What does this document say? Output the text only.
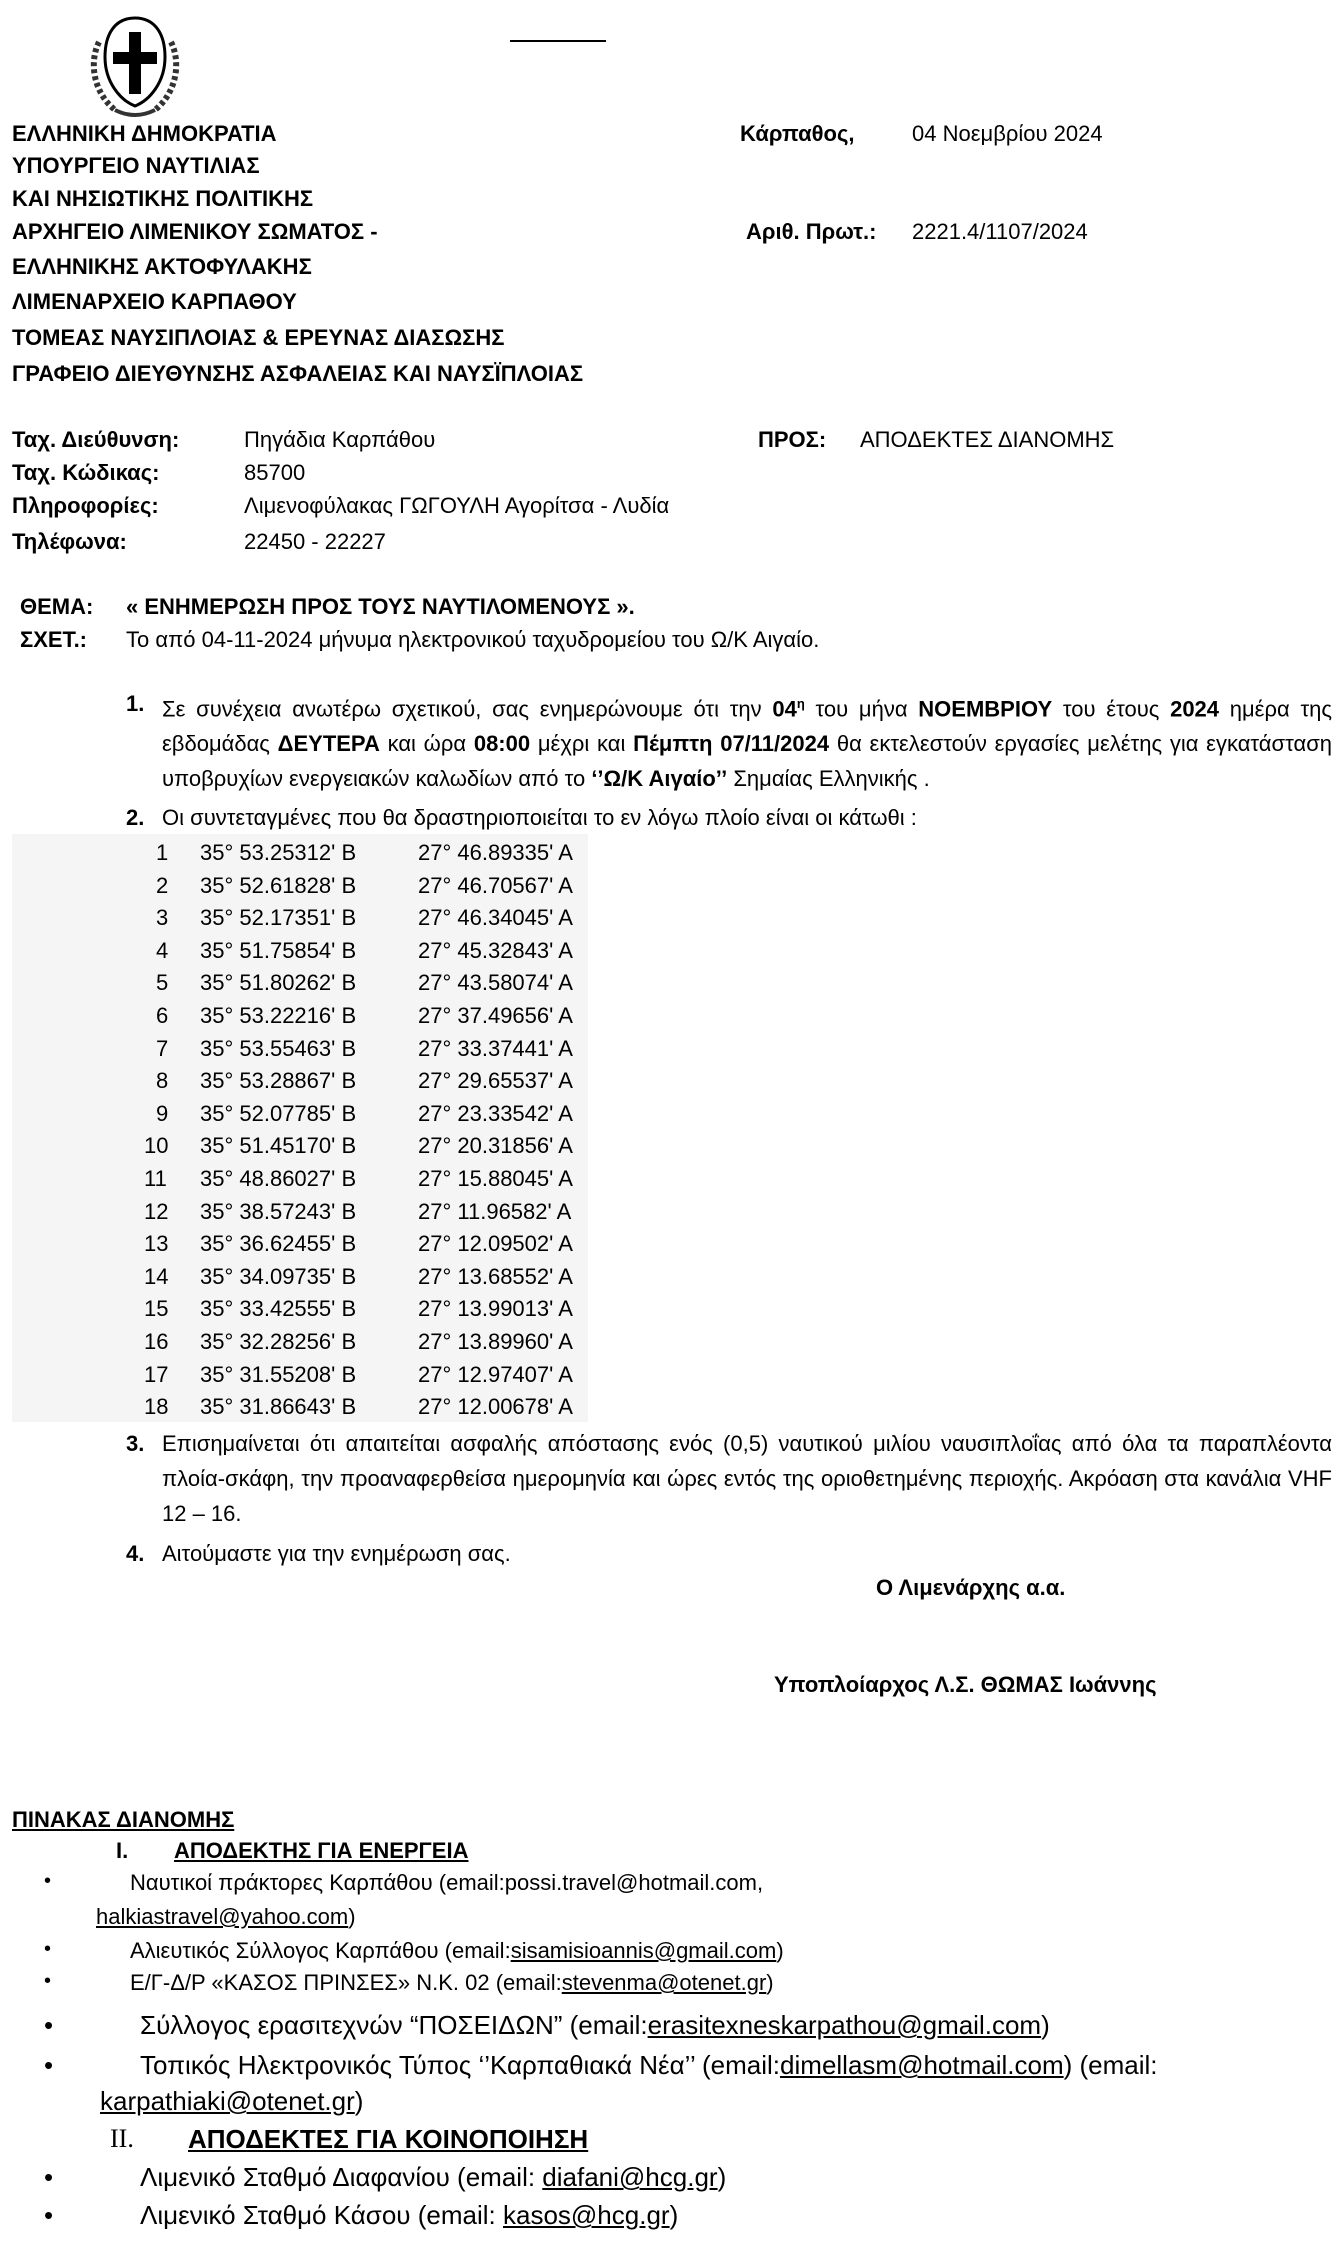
ΕΛΛΗΝΙΚΗ ΔΗΜΟΚΡΑΤΙΑ
ΥΠΟΥΡΓΕΙΟ ΝΑΥΤΙΛΙΑΣ
ΚΑΙ ΝΗΣΙΩΤΙΚΗΣ ΠΟΛΙΤΙΚΗΣ
ΑΡΧΗΓΕΙΟ ΛΙΜΕΝΙΚΟΥ ΣΩΜΑΤΟΣ -
ΕΛΛΗΝΙΚΗΣ ΑΚΤΟΦΥΛΑΚΗΣ
ΛΙΜΕΝΑΡΧΕΙΟ ΚΑΡΠΑΘΟΥ
ΤΟΜΕΑΣ ΝΑΥΣΙΠΛΟΙΑΣ & ΕΡΕΥΝΑΣ ΔΙΑΣΩΣΗΣ
ΓΡΑΦΕΙΟ ΔΙΕΥΘΥΝΣΗΣ ΑΣΦΑΛΕΙΑΣ ΚΑΙ ΝΑΥΣΪΠΛΟΙΑΣ
Κάρπαθος,	04 Νοεμβρίου 2024
Αριθ. Πρωτ.: 2221.4/1107/2024
Ταχ. Διεύθυνση:	Πηγάδια Καρπάθου
Ταχ. Κώδικας:	85700
Πληροφορίες:	Λιμενοφύλακας ΓΩΓΟΥΛΗ Αγορίτσα - Λυδία
Τηλέφωνα:	22450 - 22227
ΠΡΟΣ: ΑΠΟΔΕΚΤΕΣ ΔΙΑΝΟΜΗΣ
ΘΕΜΑ: « ΕΝΗΜΕΡΩΣΗ ΠΡΟΣ ΤΟΥΣ ΝΑΥΤΙΛΟΜΕΝΟΥΣ ».
ΣΧΕΤ.: Το από 04-11-2024 μήνυμα ηλεκτρονικού ταχυδρομείου του Ω/Κ Αιγαίο.
1. Σε συνέχεια ανωτέρω σχετικού, σας ενημερώνουμε ότι την $04^\eta$ του μήνα ΝΟΕΜΒΡΙΟΥ του έτους 2024 ημέρα της εβδομάδας ΔΕΥΤΕΡΑ και ώρα 08:00 μέχρι και Πέμπτη 07/11/2024 θα εκτελεστούν εργασίες μελέτης για εγκατάσταση υποβρυχίων ενεργειακών καλωδίων από το ‘’Ω/Κ Αιγαίο’’ Σημαίας Ελληνικής .
2. Οι συντεταγμένες που θα δραστηριοποιείται το εν λόγω πλοίο είναι οι κάτωθι :
1 35° 53.25312' Β	27° 46.89335' Α
2 35° 52.61828' Β	27° 46.70567' Α
3 35° 52.17351' Β	27° 46.34045' Α
4 35° 51.75854' Β	27° 45.32843' Α
5 35° 51.80262' Β	27° 43.58074' Α
6 35° 53.22216' Β	27° 37.49656' Α
7 35° 53.55463' Β	27° 33.37441' Α
8 35° 53.28867' Β	27° 29.65537' Α
9 35° 52.07785' Β	27° 23.33542' Α
10 35° 51.45170' Β	27° 20.31856' Α
11 35° 48.86027' Β	27° 15.88045' Α
12 35° 38.57243' Β	27° 11.96582' Α
13 35° 36.62455' Β	27° 12.09502' Α
14 35° 34.09735' Β	27° 13.68552' Α
15 35° 33.42555' Β	27° 13.99013' Α
16 35° 32.28256' Β	27° 13.89960' Α
17 35° 31.55208' Β	27° 12.97407' Α
18 35° 31.86643' Β	27° 12.00678' Α
3. Επισημαίνεται ότι απαιτείται ασφαλής απόστασης ενός (0,5) ναυτικού μιλίου ναυσιπλοΐας από όλα τα παραπλέοντα πλοία-σκάφη, την προαναφερθείσα ημερομηνία και ώρες εντός της οριοθετημένης περιοχής. Ακρόαση στα κανάλια VHF 12 – 16.
4. Αιτούμαστε για την ενημέρωση σας.
Ο Λιμενάρχης α.α.
Υποπλοίαρχος Λ.Σ. ΘΩΜΑΣ Ιωάννης
ΠΙΝΑΚΑΣ ΔΙΑΝΟΜΗΣ
I. ΑΠΟΔΕΚΤΗΣ ΓΙΑ ΕΝΕΡΓΕΙΑ
•	Ναυτικοί πράκτορες Καρπάθου (email:possi.travel@hotmail.com,
halkiastravel@yahoo.com)
•	Αλιευτικός Σύλλογος Καρπάθου (email:sisamisioannis@gmail.com)
•	Ε/Γ-Δ/Ρ «ΚΑΣΟΣ ΠΡΙΝΣΕΣ» Ν.Κ. 02 (email:stevenma@otenet.gr)
•	Σύλλογος ερασιτεχνών “ΠΟΣΕΙΔΩΝ” (email:erasitexneskarpathou@gmail.com)
•	Τοπικός Ηλεκτρονικός Τύπος ‘’Καρπαθιακά Νέα’’ (email:dimellasm@hotmail.com) (email:
karpathiaki@otenet.gr)
II. ΑΠΟΔΕΚΤΕΣ ΓΙΑ ΚΟΙΝΟΠΟΙΗΣΗ
•	Λιμενικό Σταθμό Διαφανίου (email: diafani@hcg.gr)
•	Λιμενικό Σταθμό Κάσου (email: kasos@hcg.gr)
